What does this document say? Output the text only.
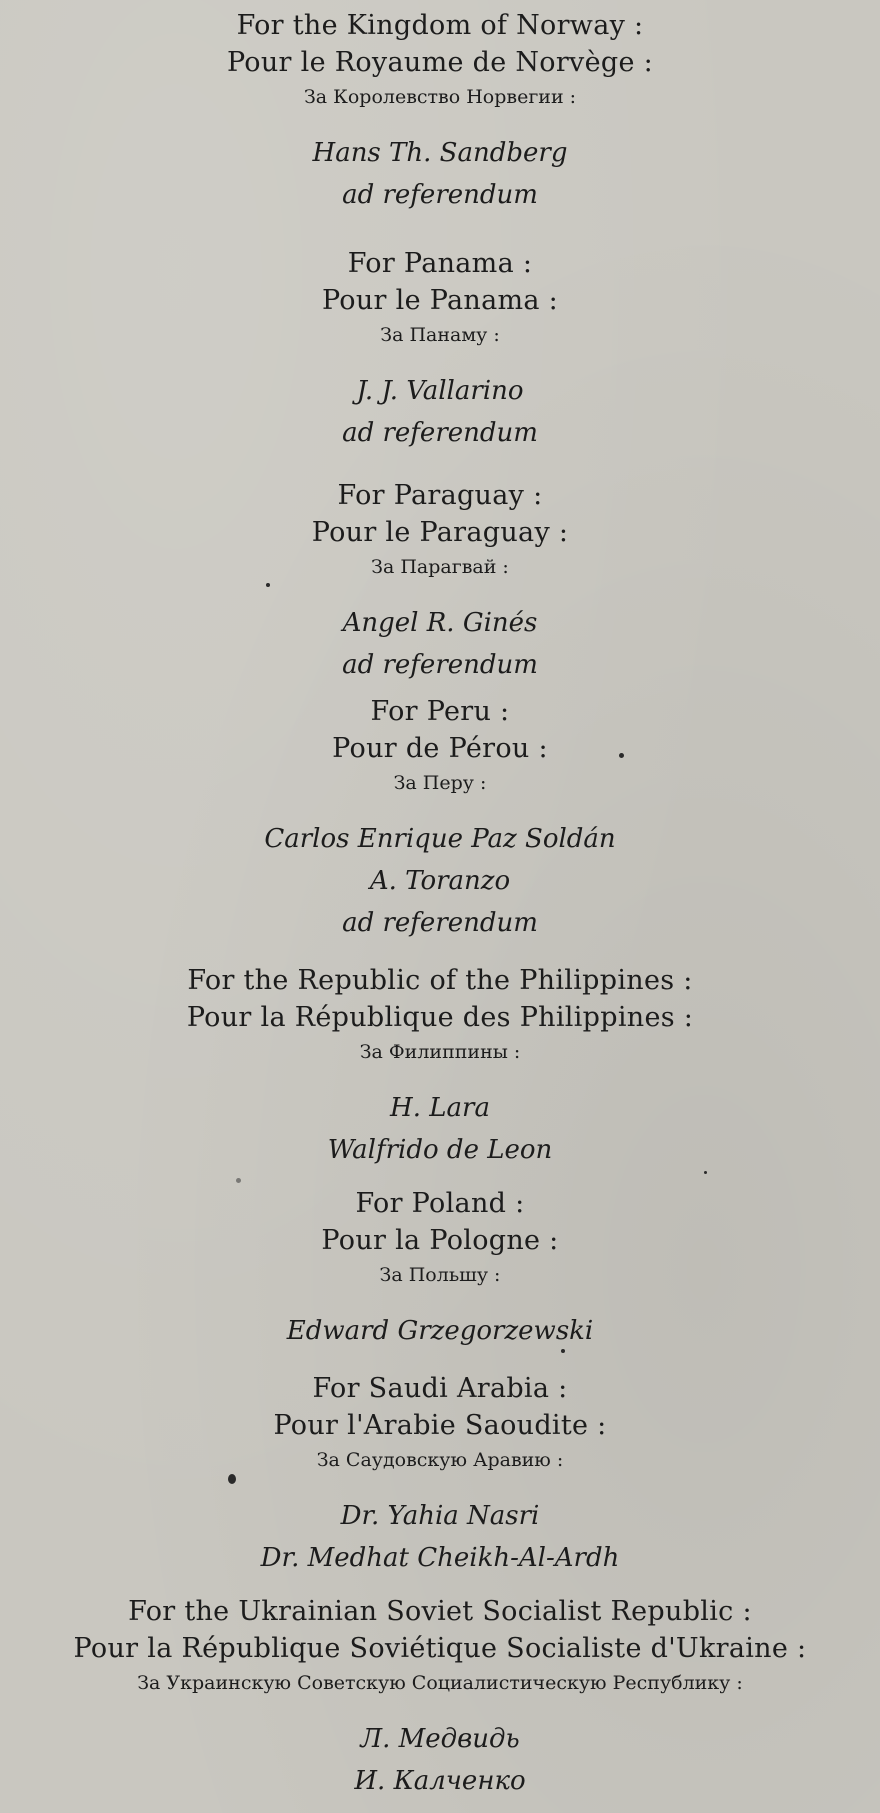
For the Kingdom of Norway :
Pour le Royaume de Norvège :
За Королевство Норвегии :
Hans Th. Sandberg
ad referendum
For Panama :
Pour le Panama :
За Панаму :
J. J. Vallarino
ad referendum
For Paraguay :
Pour le Paraguay :
За Парагвай :
Angel R. Ginés
ad referendum
For Peru :
Pour de Pérou :
За Перу :
Carlos Enrique Paz Soldán
A. Toranzo
ad referendum
For the Republic of the Philippines :
Pour la République des Philippines :
За Филиппины :
H. Lara
Walfrido de Leon
For Poland :
Pour la Pologne :
За Польшу :
Edward Grzegorzewski
For Saudi Arabia :
Pour l'Arabie Saoudite :
За Саудовскую Аравию :
Dr. Yahia Nasri
Dr. Medhat Cheikh-Al-Ardh
For the Ukrainian Soviet Socialist Republic :
Pour la République Soviétique Socialiste d'Ukraine :
За Украинскую Советскую Социалистическую Республику :
Л. Медвидь
И. Калченко
